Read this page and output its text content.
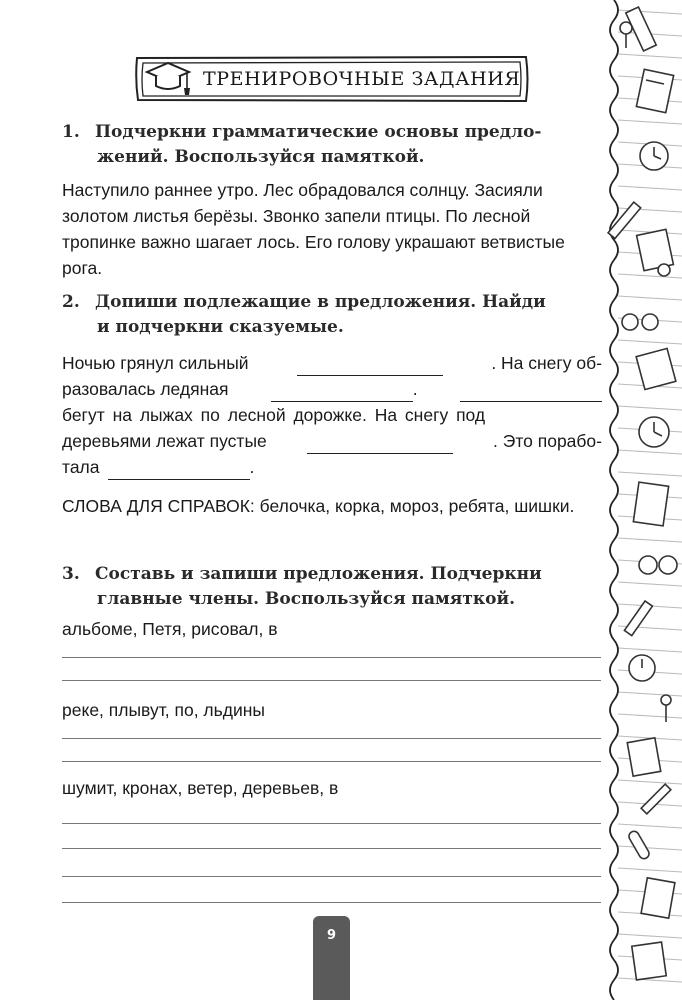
ТРЕНИРОВОЧНЫЕ ЗАДАНИЯ
1. Подчеркни грамматические основы предло-
жений. Воспользуйся памяткой.
Наступило раннее утро. Лес обрадовался солнцу. Засияли золотом листья берёзы. Звонко запели птицы. По лесной тропинке важно шагает лось. Его голову украшают ветвистые рога.
2. Допиши подлежащие в предложения. Найди
и подчеркни сказуемые.
Ночью грянул сильный	. На снегу об-
разовалась ледяная	.
бегут на лыжах по лесной дорожке. На снегу под
деревьями лежат пустые	. Это порабо-
тала	.
СЛОВА ДЛЯ СПРАВОК: белочка, корка, мороз, ребята, шишки.
3. Составь и запиши предложения. Подчеркни
главные члены. Воспользуйся памяткой.
альбоме, Петя, рисовал, в
реке, плывут, по, льдины
шумит, кронах, ветер, деревьев, в
9
